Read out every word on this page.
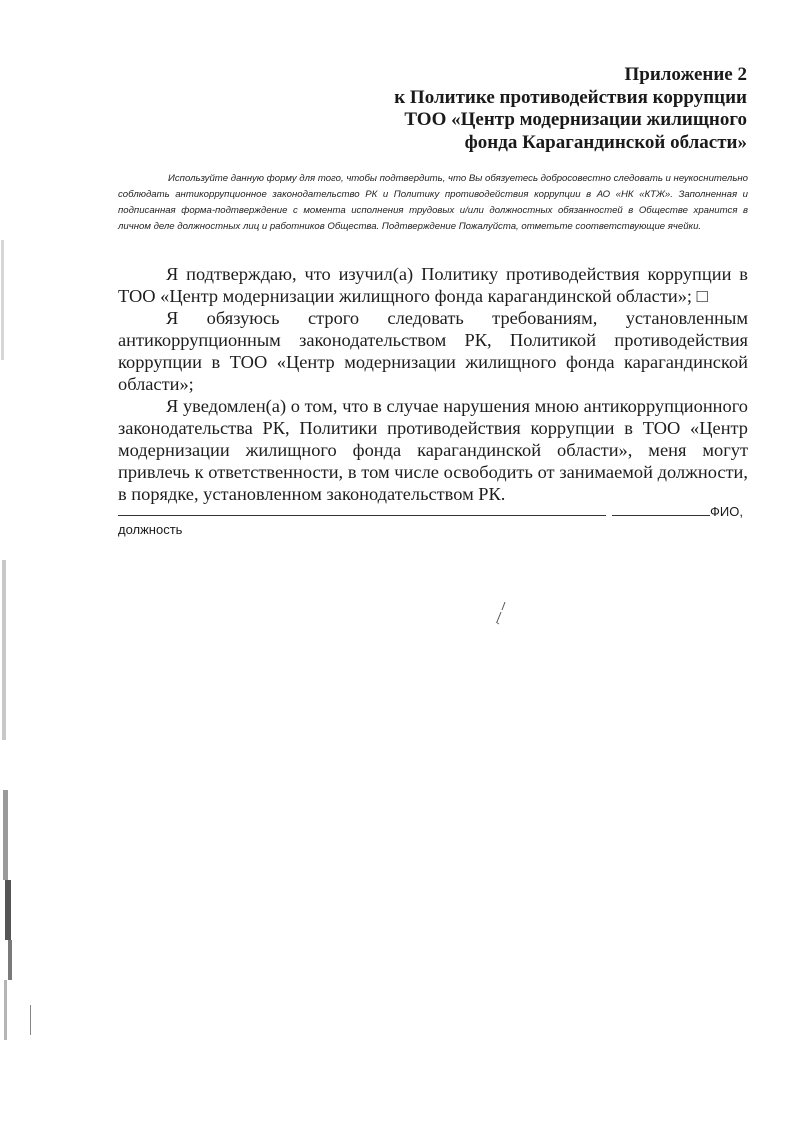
Приложение 2
к Политике противодействия коррупции
ТОО «Центр модернизации жилищного
фонда Карагандинской области»
Используйте данную форму для того, чтобы подтвердить, что Вы обязуетесь добросовестно следовать и неукоснительно соблюдать антикоррупционное законодательство РК и Политику противодействия коррупции в АО «НК «КТЖ». Заполненная и подписанная форма-подтверждение с момента исполнения трудовых и/или должностных обязанностей в Обществе хранится в личном деле должностных лиц и работников Общества. Подтверждение Пожалуйста, отметьте соответствующие ячейки.

Я подтверждаю, что изучил(а) Политику противодействия коррупции в ТОО «Центр модернизации жилищного фонда карагандинской области»; □

Я обязуюсь строго следовать требованиям, установленным антикоррупционным законодательством РК, Политикой противодействия коррупции в ТОО «Центр модернизации жилищного фонда карагандинской области»;

Я уведомлен(а) о том, что в случае нарушения мною антикоррупционного законодательства РК, Политики противодействия коррупции в ТОО «Центр модернизации жилищного фонда карагандинской области», меня могут привлечь к ответственности, в том числе освободить от занимаемой должности, в порядке, установленном законодательством РК.

ФИО,
должность
